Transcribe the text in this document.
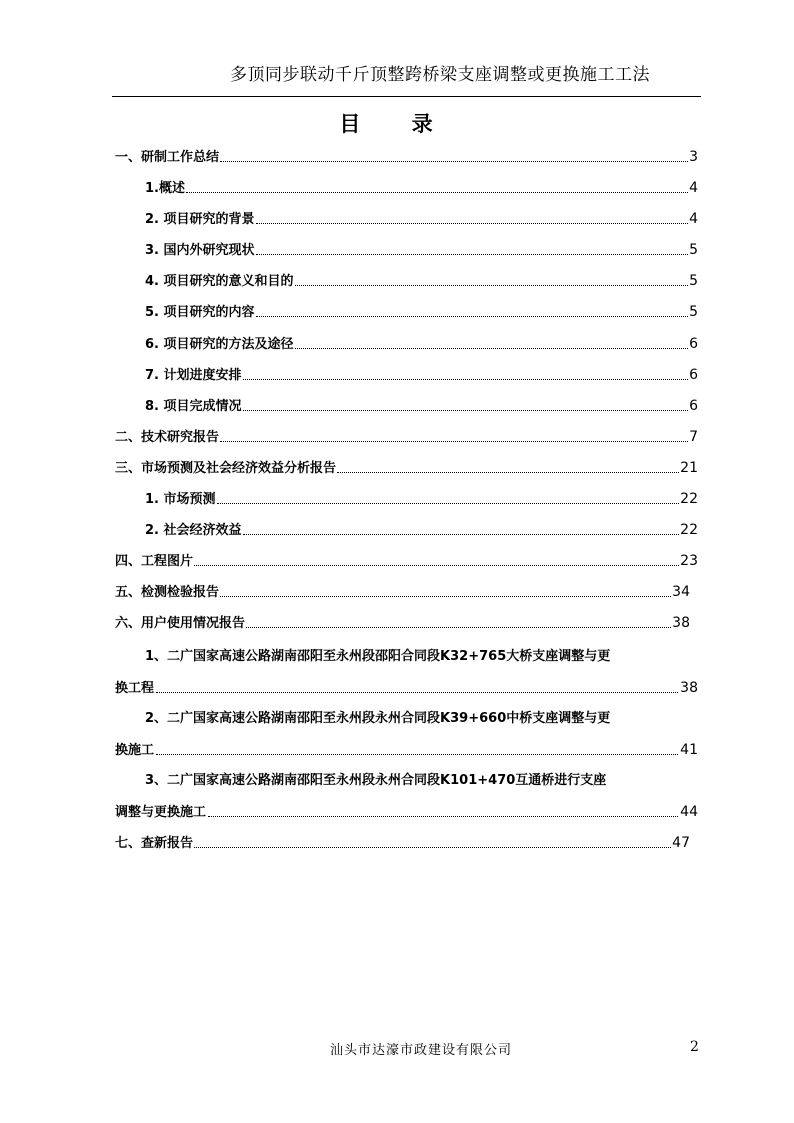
多顶同步联动千斤顶整跨桥梁支座调整或更换施工工法
目 录
一、研制工作总结	3
1.概述	4
2. 项目研究的背景	4
3. 国内外研究现状	5
4. 项目研究的意义和目的	5
5. 项目研究的内容	5
6. 项目研究的方法及途径	6
7. 计划进度安排	6
8. 项目完成情况	6
二、技术研究报告	7
三、市场预测及社会经济效益分析报告	21
1. 市场预测	22
2. 社会经济效益	22
四、工程图片	23
五、检测检验报告	34
六、用户使用情况报告	38
1、二广国家高速公路湖南邵阳至永州段邵阳合同段K32+765大桥支座调整与更
换工程	38
2、二广国家高速公路湖南邵阳至永州段永州合同段K39+660中桥支座调整与更
换施工	41
3、二广国家高速公路湖南邵阳至永州段永州合同段K101+470互通桥进行支座
调整与更换施工	44
七、查新报告	47
汕头市达濠市政建设有限公司	2
